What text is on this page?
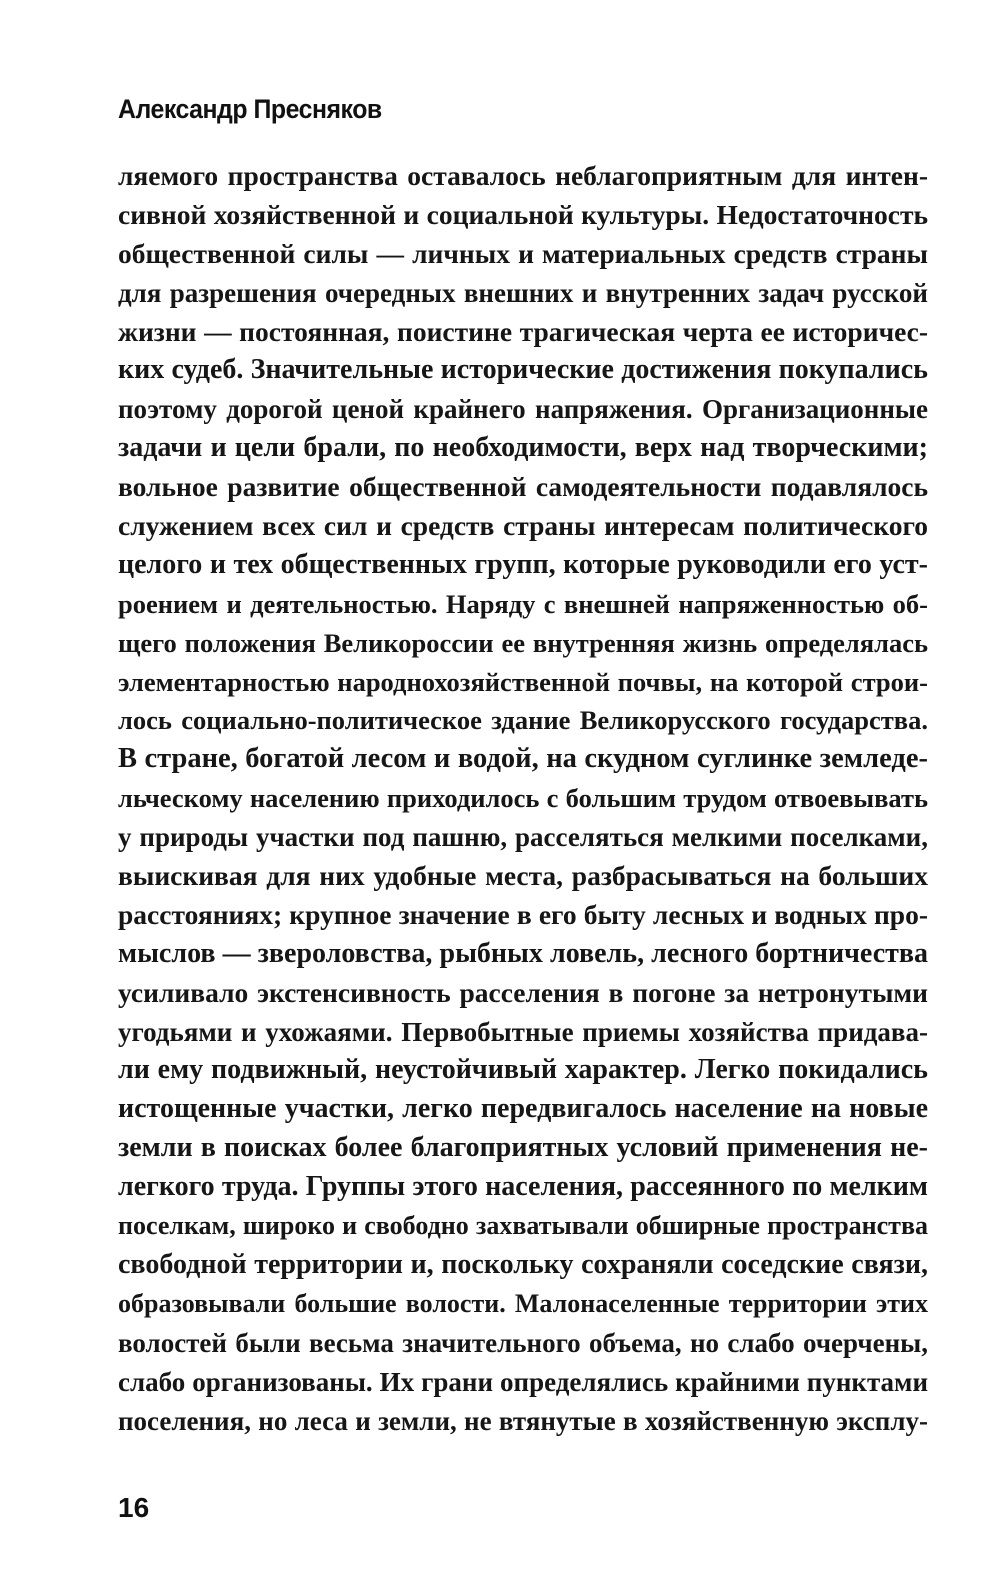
Александр Пресняков
ляемого пространства оставалось неблагоприятным для интен-
сивной хозяйственной и социальной культуры. Недостаточность
общественной силы — личных и материальных средств страны
для разрешения очередных внешних и внутренних задач русской
жизни — постоянная, поистине трагическая черта ее историчес-
ких судеб. Значительные исторические достижения покупались
поэтому дорогой ценой крайнего напряжения. Организационные
задачи и цели брали, по необходимости, верх над творческими;
вольное развитие общественной самодеятельности подавлялось
служением всех сил и средств страны интересам политического
целого и тех общественных групп, которые руководили его уст-
роением и деятельностью. Наряду с внешней напряженностью об-
щего положения Великороссии ее внутренняя жизнь определялась
элементарностью народнохозяйственной почвы, на которой строи-
лось социально-политическое здание Великорусского государства.
В стране, богатой лесом и водой, на скудном суглинке земледе-
льческому населению приходилось с большим трудом отвоевывать
у природы участки под пашню, расселяться мелкими поселками,
выискивая для них удобные места, разбрасываться на больших
расстояниях; крупное значение в его быту лесных и водных про-
мыслов — звероловства, рыбных ловель, лесного бортничества
усиливало экстенсивность расселения в погоне за нетронутыми
угодьями и ухожаями. Первобытные приемы хозяйства придава-
ли ему подвижный, неустойчивый характер. Легко покидались
истощенные участки, легко передвигалось население на новые
земли в поисках более благоприятных условий применения не-
легкого труда. Группы этого населения, рассеянного по мелким
поселкам, широко и свободно захватывали обширные пространства
свободной территории и, поскольку сохраняли соседские связи,
образовывали большие волости. Малонаселенные территории этих
волостей были весьма значительного объема, но слабо очерчены,
слабо организованы. Их грани определялись крайними пунктами
поселения, но леса и земли, не втянутые в хозяйственную эксплу-
16
